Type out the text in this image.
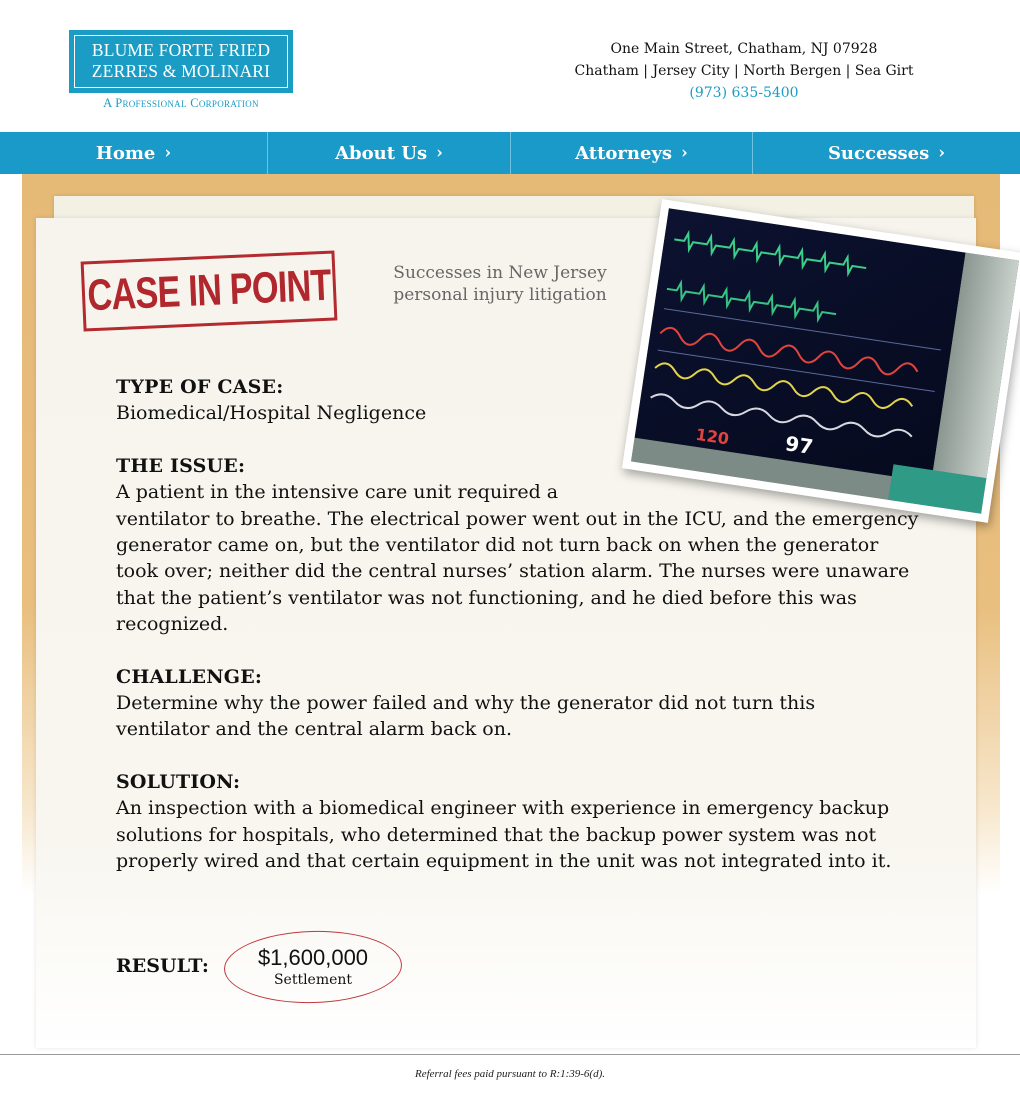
BLUME FORTE FRIED
ZERRES & MOLINARI
A Professional Corporation
One Main Street, Chatham, NJ 07928
Chatham | Jersey City | North Bergen | Sea Girt
(973) 635-5400
Home ›	About Us ›	Attorneys ›	Successes ›
CASE IN POINT	Successes in New Jersey
personal injury litigation
120	97
TYPE OF CASE:
Biomedical/Hospital Negligence
THE ISSUE:
A patient in the intensive care unit required a
ventilator to breathe. The electrical power went out in the ICU, and the emergency generator came on, but the ventilator did not turn back on when the generator took over; neither did the central nurses’ station alarm. The nurses were unaware that the patient’s ventilator was not functioning, and he died before this was recognized.
CHALLENGE:
Determine why the power failed and why the generator did not turn this ventilator and the central alarm back on.
SOLUTION:
An inspection with a biomedical engineer with experience in emergency backup solutions for hospitals, who determined that the backup power system was not properly wired and that certain equipment in the unit was not integrated into it.
RESULT:	$1,600,000
Settlement
Referral fees paid pursuant to R:1:39-6(d).
